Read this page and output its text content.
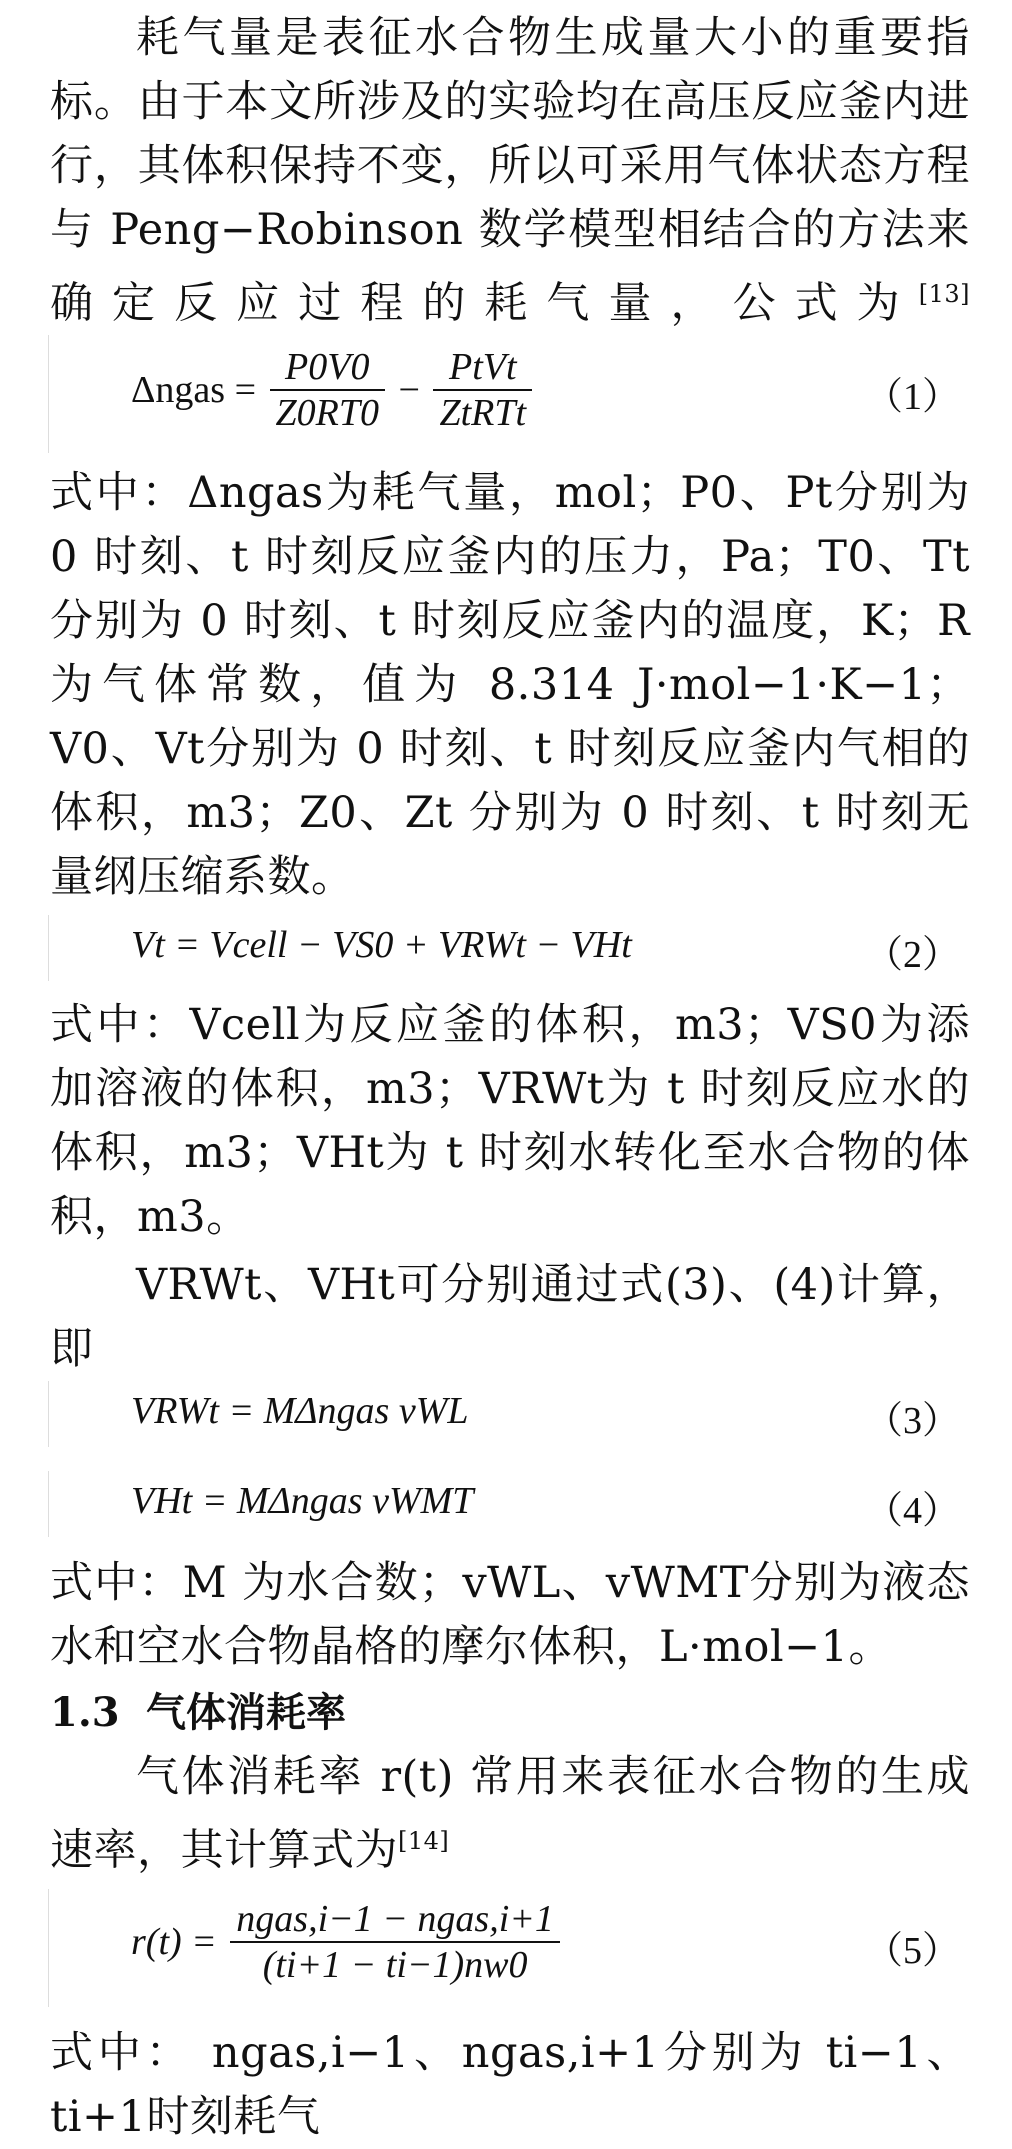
耗气量是表征水合物生成量大小的重要指标。由于本文所涉及的实验均在高压反应釜内进行，其体积保持不变，所以可采用气体状态方程与 Peng−Robinson 数学模型相结合的方法来确定反应过程的耗气量，公式为[13]

Δngas = $\frac{P0V0}{Z0RT0} - \frac{\text{PtVt}}{\text{ZtRTt}}$	（1）

式中：Δngas为耗气量，mol；P0、Pt分别为 0 时刻、t 时刻反应釜内的压力，Pa；T0、Tt分别为 0 时刻、t 时刻反应釜内的温度，K；R 为气体常数，值为 8.314 J·mol−1·K−1；V0、Vt分别为 0 时刻、t 时刻反应釜内气相的体积，m3；Z0、Zt 分别为 0 时刻、t 时刻无量纲压缩系数。

Vt = Vcell − VS0 + VRWt − VHt	（2）

式中：Vcell为反应釜的体积，m3；VS0为添加溶液的体积，m3；VRWt为 t 时刻反应水的体积，m3；VHt为 t 时刻水转化至水合物的体积，m3。

VRWt、VHt可分别通过式(3)、(4)计算，即

VRWt = MΔngas vWL	（3）
VHt = MΔngas vWMT	（4）

式中：M 为水合数；vWL、vWMT分别为液态水和空水合物晶格的摩尔体积，L·mol−1。

1.3 气体消耗率

气体消耗率 r(t) 常用来表征水合物的生成速率，其计算式为[14]

$r(t) = \frac{\text{ngas,i−1 − ngas,i+1}}{(ti+1 - ti-1)nw0}$	（5）

式中： ngas,i−1、ngas,i+1分别为 ti−1、ti+1时刻耗气
